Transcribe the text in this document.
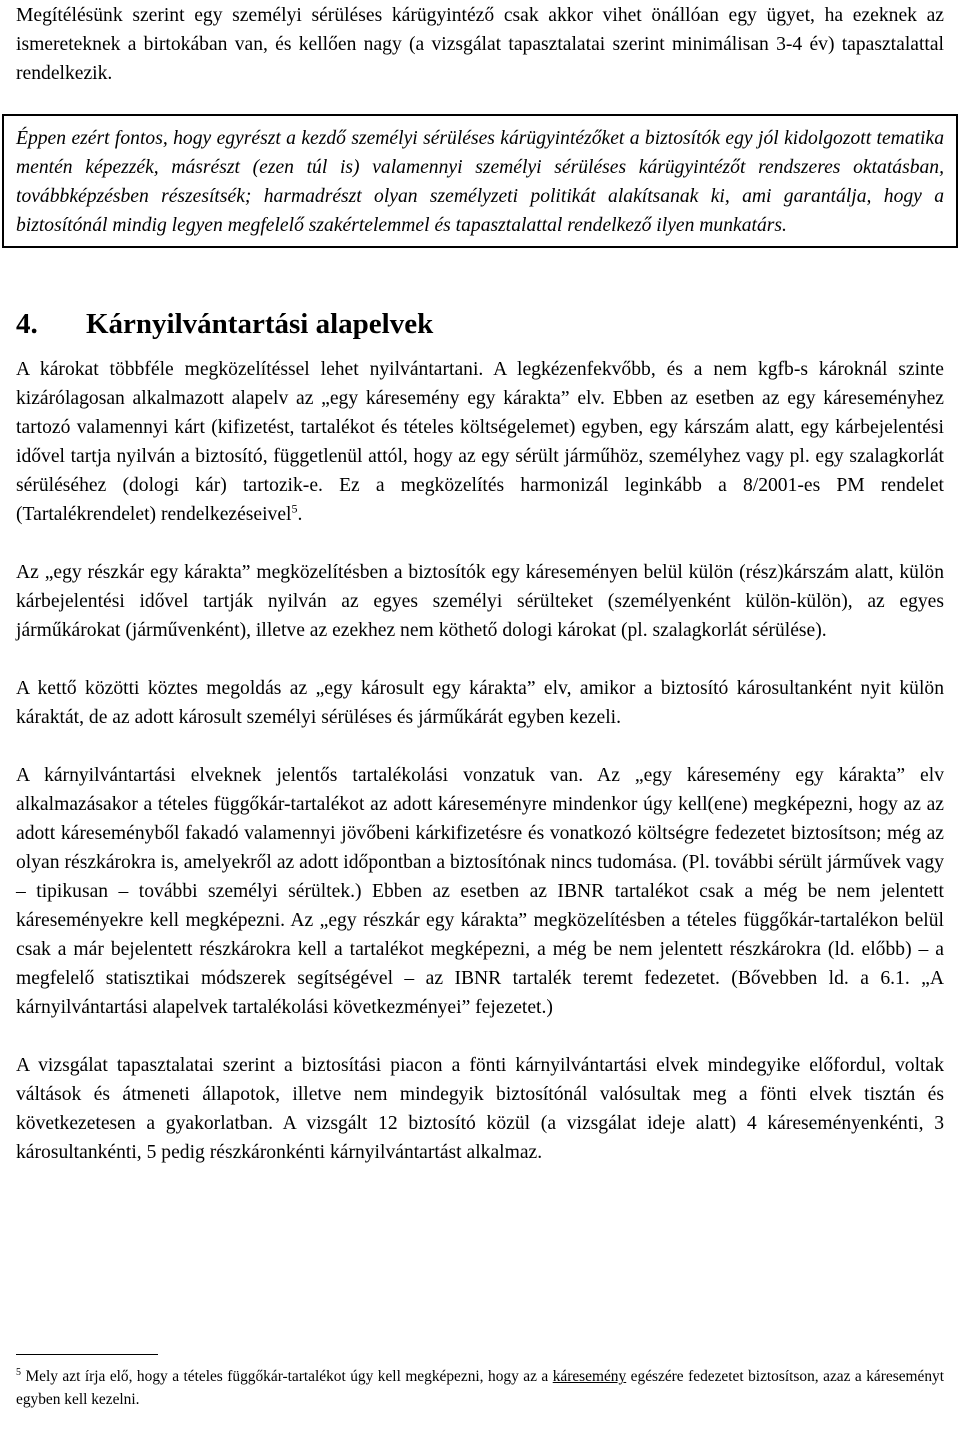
Megítélésünk szerint egy személyi sérüléses kárügyintéző csak akkor vihet önállóan egy ügyet, ha ezeknek az ismereteknek a birtokában van, és kellően nagy (a vizsgálat tapasztalatai szerint minimálisan 3-4 év) tapasztalattal rendelkezik.

Éppen ezért fontos, hogy egyrészt a kezdő személyi sérüléses kárügyintézőket a biztosítók egy jól kidolgozott tematika mentén képezzék, másrészt (ezen túl is) valamennyi személyi sérüléses kárügyintézőt rendszeres oktatásban, továbbképzésben részesítsék; harmadrészt olyan személyzeti politikát alakítsanak ki, ami garantálja, hogy a biztosítónál mindig legyen megfelelő szakértelemmel és tapasztalattal rendelkező ilyen munkatárs.

4.	Kárnyilvántartási alapelvek

A károkat többféle megközelítéssel lehet nyilvántartani. A legkézenfekvőbb, és a nem kgfb-s károknál szinte kizárólagosan alkalmazott alapelv az „egy káresemény egy kárakta” elv. Ebben az esetben az egy káreseményhez tartozó valamennyi kárt (kifizetést, tartalékot és tételes költségelemet) egyben, egy kárszám alatt, egy kárbejelentési idővel tartja nyilván a biztosító, függetlenül attól, hogy az egy sérült járműhöz, személyhez vagy pl. egy szalagkorlát sérüléséhez (dologi kár) tartozik-e. Ez a megközelítés harmonizál leginkább a 8/2001-es PM rendelet (Tartalékrendelet) rendelkezéseivel$^5$.

Az „egy részkár egy kárakta” megközelítésben a biztosítók egy káreseményen belül külön (rész)kárszám alatt, külön kárbejelentési idővel tartják nyilván az egyes személyi sérülteket (személyenként külön-külön), az egyes járműkárokat (járművenként), illetve az ezekhez nem köthető dologi károkat (pl. szalagkorlát sérülése).

A kettő közötti köztes megoldás az „egy károsult egy kárakta” elv, amikor a biztosító károsultanként nyit külön káraktát, de az adott károsult személyi sérüléses és járműkárát egyben kezeli.

A kárnyilvántartási elveknek jelentős tartalékolási vonzatuk van. Az „egy káresemény egy kárakta” elv alkalmazásakor a tételes függőkár-tartalékot az adott káreseményre mindenkor úgy kell(ene) megképezni, hogy az az adott káreseményből fakadó valamennyi jövőbeni kárkifizetésre és vonatkozó költségre fedezetet biztosítson; még az olyan részkárokra is, amelyekről az adott időpontban a biztosítónak nincs tudomása. (Pl. további sérült járművek vagy – tipikusan – további személyi sérültek.) Ebben az esetben az IBNR tartalékot csak a még be nem jelentett káreseményekre kell megképezni. Az „egy részkár egy kárakta” megközelítésben a tételes függőkár-tartalékon belül csak a már bejelentett részkárokra kell a tartalékot megképezni, a még be nem jelentett részkárokra (ld. előbb) – a megfelelő statisztikai módszerek segítségével – az IBNR tartalék teremt fedezetet. (Bővebben ld. a 6.1. „A kárnyilvántartási alapelvek tartalékolási következményei” fejezetet.)

A vizsgálat tapasztalatai szerint a biztosítási piacon a fönti kárnyilvántartási elvek mindegyike előfordul, voltak váltások és átmeneti állapotok, illetve nem mindegyik biztosítónál valósultak meg a fönti elvek tisztán és következetesen a gyakorlatban. A vizsgált 12 biztosító közül (a vizsgálat ideje alatt) 4 káreseményenkénti, 3 károsultankénti, 5 pedig részkáronkénti kárnyilvántartást alkalmaz.

$^5$ Mely azt írja elő, hogy a tételes függőkár-tartalékot úgy kell megképezni, hogy az a káresemény egészére fedezetet biztosítson, azaz a káreseményt egyben kell kezelni.
